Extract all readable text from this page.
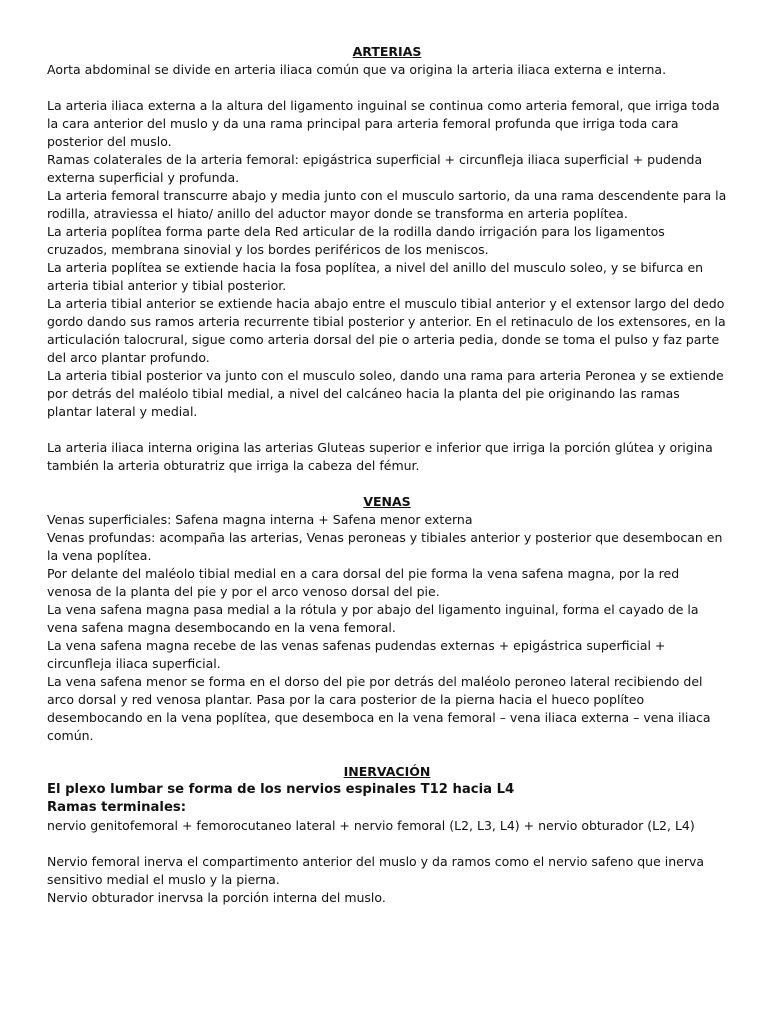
ARTERIAS

Aorta abdominal se divide en arteria iliaca común que va origina la arteria iliaca externa e interna.

La arteria iliaca externa a la altura del ligamento inguinal se continua como arteria femoral, que irriga toda la cara anterior del muslo y da una rama principal para arteria femoral profunda que irriga toda cara posterior del muslo.

Ramas colaterales de la arteria femoral: epigástrica superficial + circunfleja iliaca superficial + pudenda externa superficial y profunda.

La arteria femoral transcurre abajo y media junto con el musculo sartorio, da una rama descendente para la rodilla, atraviessa el hiato/ anillo del aductor mayor donde se transforma en arteria poplítea.

La arteria poplítea forma parte dela Red articular de la rodilla dando irrigación para los ligamentos cruzados, membrana sinovial y los bordes periféricos de los meniscos.

La arteria poplítea se extiende hacia la fosa poplítea, a nivel del anillo del musculo soleo, y se bifurca en arteria tibial anterior y tibial posterior.

La arteria tibial anterior se extiende hacia abajo entre el musculo tibial anterior y el extensor largo del dedo gordo dando sus ramos arteria recurrente tibial posterior y anterior. En el retinaculo de los extensores, en la articulación talocrural, sigue como arteria dorsal del pie o arteria pedia, donde se toma el pulso y faz parte del arco plantar profundo.

La arteria tibial posterior va junto con el musculo soleo, dando una rama para arteria Peronea y se extiende por detrás del maléolo tibial medial, a nivel del calcáneo hacia la planta del pie originando las ramas plantar lateral y medial.

La arteria iliaca interna origina las arterias Gluteas superior e inferior que irriga la porción glútea y origina también la arteria obturatriz que irriga la cabeza del fémur.

VENAS

Venas superficiales: Safena magna interna + Safena menor externa

Venas profundas: acompaña las arterias, Venas peroneas y tibiales anterior y posterior que desembocan en la vena poplítea.

Por delante del maléolo tibial medial en a cara dorsal del pie forma la vena safena magna, por la red venosa de la planta del pie y por el arco venoso dorsal del pie.

La vena safena magna pasa medial a la rótula y por abajo del ligamento inguinal, forma el cayado de la vena safena magna desembocando en la vena femoral.

La vena safena magna recebe de las venas safenas pudendas externas + epigástrica superficial + circunfleja iliaca superficial.

La vena safena menor se forma en el dorso del pie por detrás del maléolo peroneo lateral recibiendo del arco dorsal y red venosa plantar. Pasa por la cara posterior de la pierna hacia el hueco poplíteo desembocando en la vena poplítea, que desemboca en la vena femoral – vena iliaca externa – vena iliaca común.

INERVACIÓN

El plexo lumbar se forma de los nervios espinales T12 hacia L4

Ramas terminales:

nervio genitofemoral + femorocutaneo lateral + nervio femoral (L2, L3, L4) + nervio obturador (L2, L4)

Nervio femoral inerva el compartimento anterior del muslo y da ramos como el nervio safeno que inerva sensitivo medial el muslo y la pierna.

Nervio obturador inervsa la porción interna del muslo.
